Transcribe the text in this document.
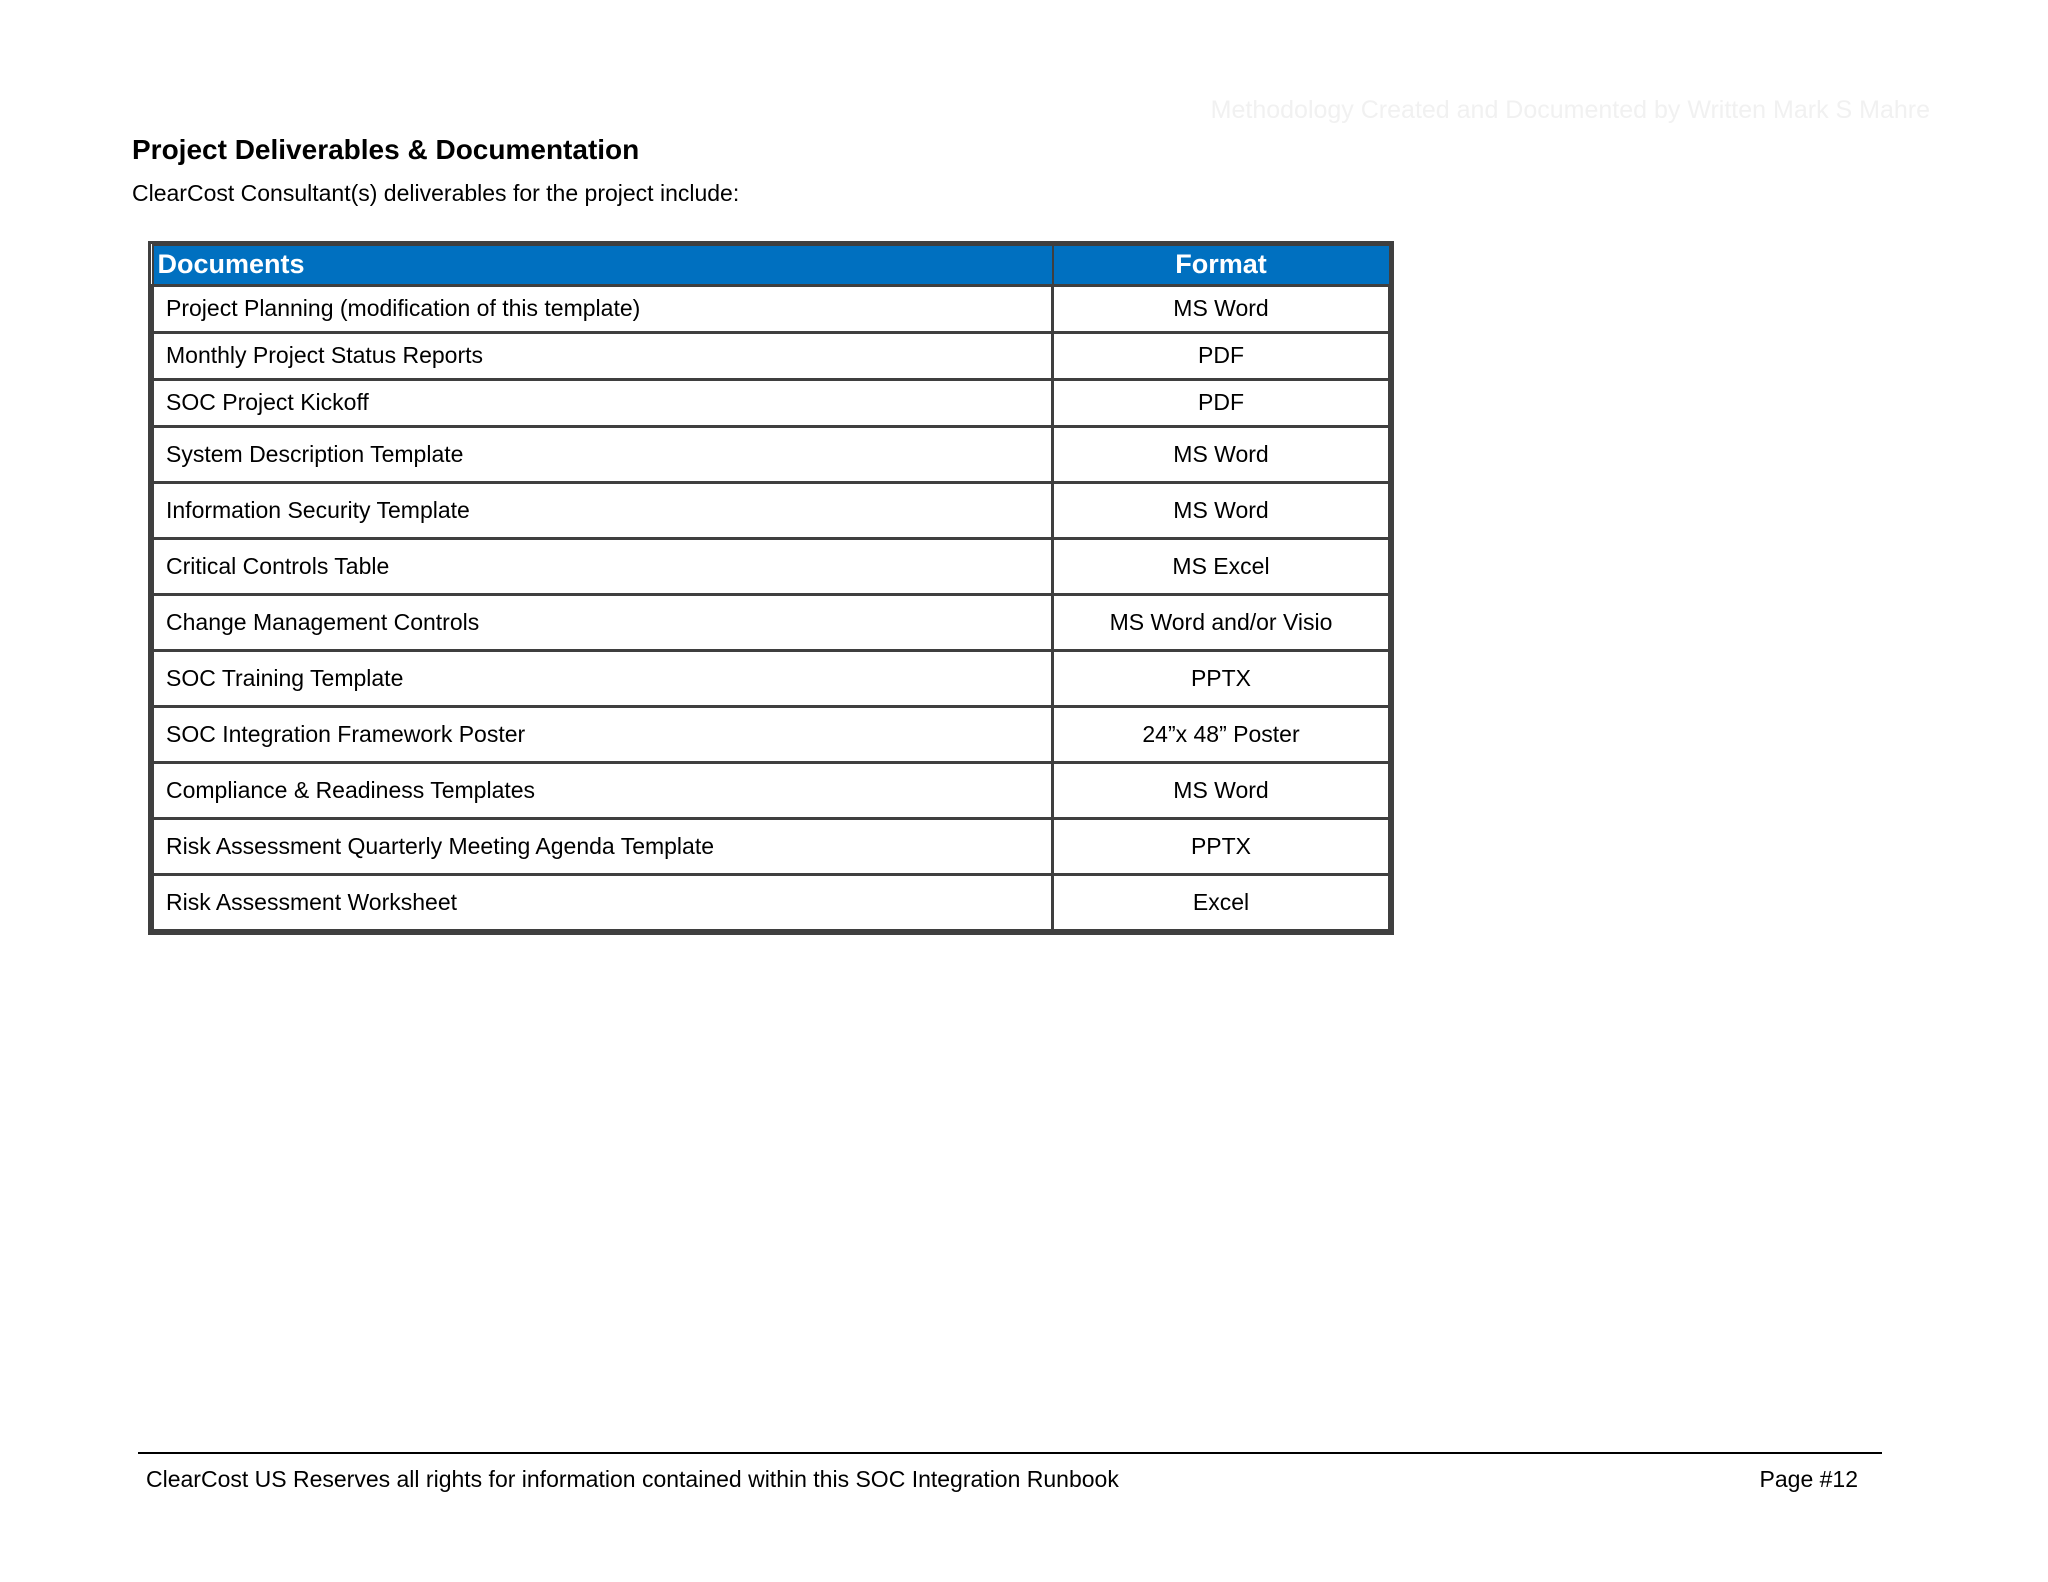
Methodology Created and Documented by Written Mark S Mahre
Project Deliverables & Documentation

ClearCost Consultant(s) deliverables for the project include:

Documents	Format
Project Planning (modification of this template)	MS Word
Monthly Project Status Reports	PDF
SOC Project Kickoff	PDF
System Description Template	MS Word
Information Security Template	MS Word
Critical Controls Table	MS Excel
Change Management Controls	MS Word and/or Visio
SOC Training Template	PPTX
SOC Integration Framework Poster	24”x 48” Poster
Compliance & Readiness Templates	MS Word
Risk Assessment Quarterly Meeting Agenda Template	PPTX
Risk Assessment Worksheet	Excel
ClearCost US Reserves all rights for information contained within this SOC Integration Runbook	Page #12
